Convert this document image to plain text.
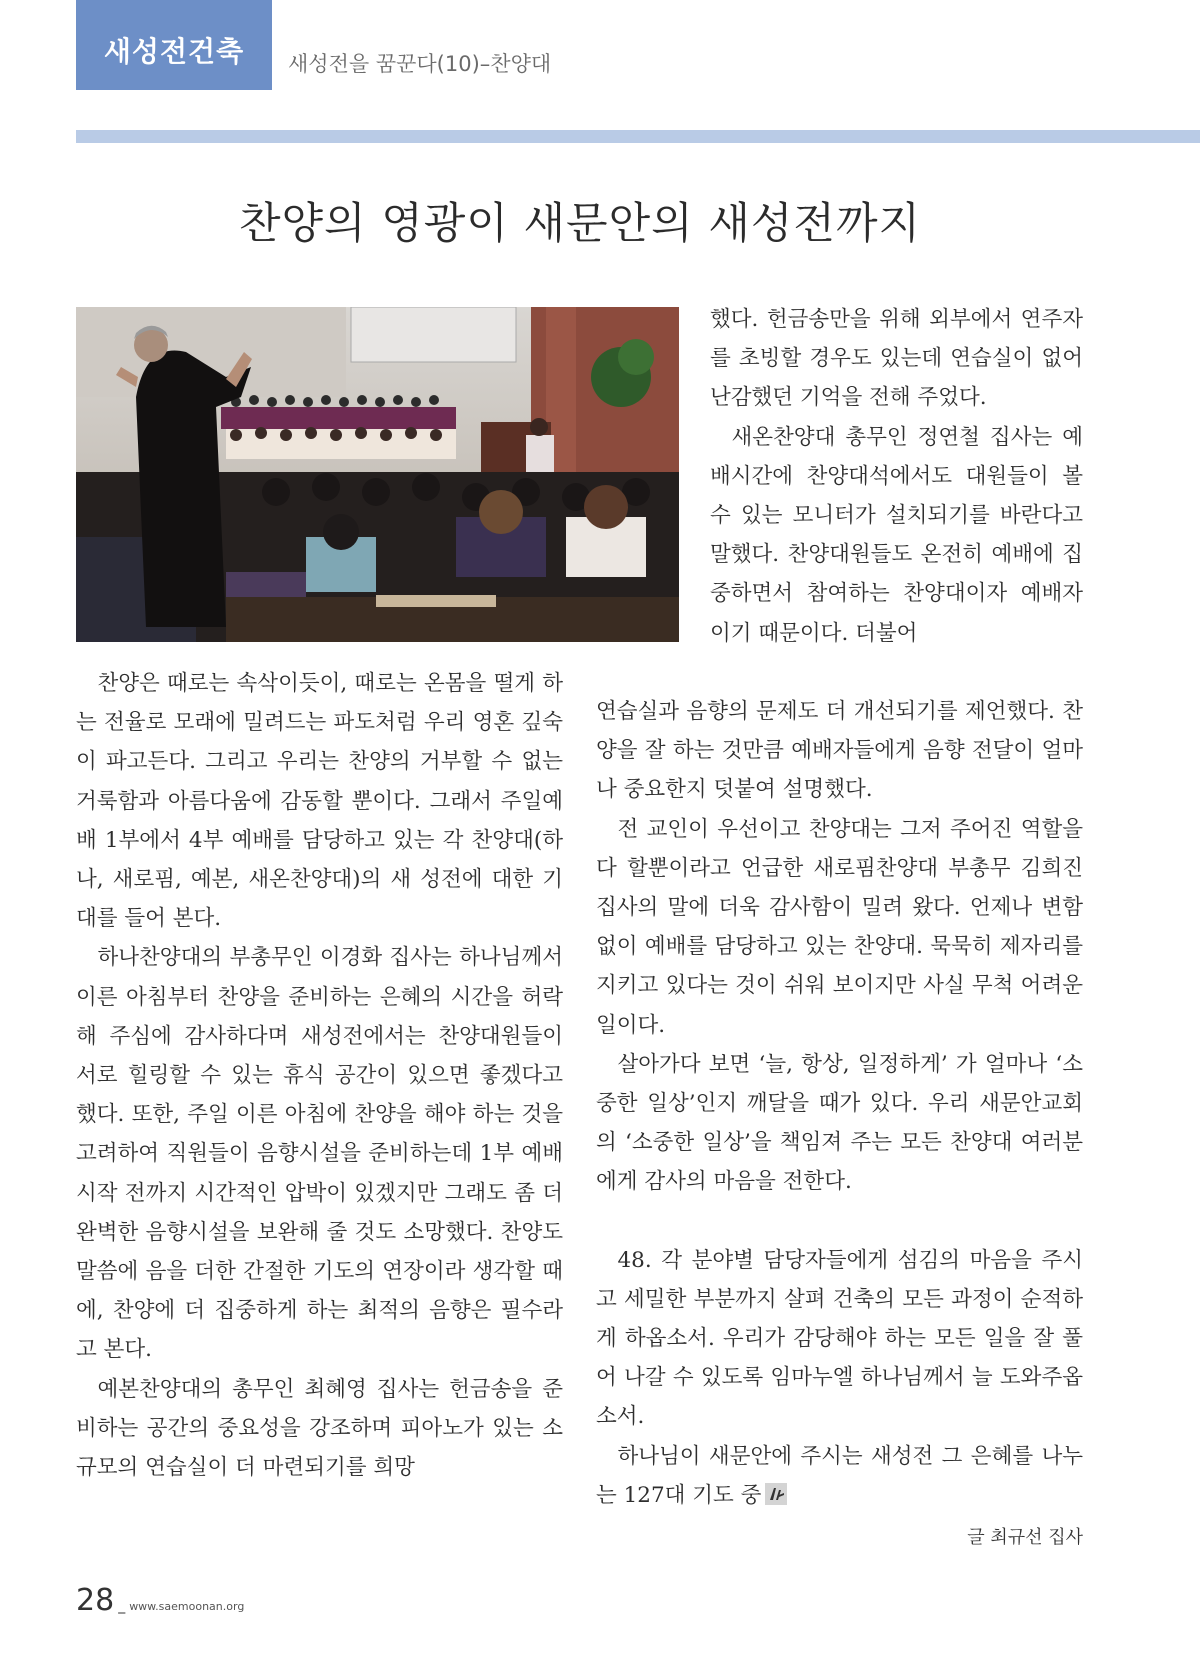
새성전건축	새성전을 꿈꾼다(10)–찬양대
찬양의 영광이 새문안의 새성전까지

했다. 헌금송만을 위해 외부에서 연주자를 초빙할 경우도 있는데 연습실이 없어 난감했던 기억을 전해 주었다.

새온찬양대 총무인 정연철 집사는 예배시간에 찬양대석에서도 대원들이 볼 수 있는 모니터가 설치되기를 바란다고 말했다. 찬양대원들도 온전히 예배에 집중하면서 참여하는 찬양대이자 예배자이기 때문이다. 더불어

찬양은 때로는 속삭이듯이, 때로는 온몸을 떨게 하는 전율로 모래에 밀려드는 파도처럼 우리 영혼 깊숙이 파고든다. 그리고 우리는 찬양의 거부할 수 없는 거룩함과 아름다움에 감동할 뿐이다. 그래서 주일예배 1부에서 4부 예배를 담당하고 있는 각 찬양대(하나, 새로핌, 예본, 새온찬양대)의 새 성전에 대한 기대를 들어 본다.

하나찬양대의 부총무인 이경화 집사는 하나님께서 이른 아침부터 찬양을 준비하는 은혜의 시간을 허락해 주심에 감사하다며 새성전에서는 찬양대원들이 서로 힐링할 수 있는 휴식 공간이 있으면 좋겠다고 했다. 또한, 주일 이른 아침에 찬양을 해야 하는 것을 고려하여 직원들이 음향시설을 준비하는데 1부 예배 시작 전까지 시간적인 압박이 있겠지만 그래도 좀 더 완벽한 음향시설을 보완해 줄 것도 소망했다. 찬양도 말씀에 음을 더한 간절한 기도의 연장이라 생각할 때에, 찬양에 더 집중하게 하는 최적의 음향은 필수라고 본다.

예본찬양대의 총무인 최혜영 집사는 헌금송을 준비하는 공간의 중요성을 강조하며 피아노가 있는 소규모의 연습실이 더 마련되기를 희망

연습실과 음향의 문제도 더 개선되기를 제언했다. 찬양을 잘 하는 것만큼 예배자들에게 음향 전달이 얼마나 중요한지 덧붙여 설명했다.

전 교인이 우선이고 찬양대는 그저 주어진 역할을 다 할뿐이라고 언급한 새로핌찬양대 부총무 김희진 집사의 말에 더욱 감사함이 밀려 왔다. 언제나 변함없이 예배를 담당하고 있는 찬양대. 묵묵히 제자리를 지키고 있다는 것이 쉬워 보이지만 사실 무척 어려운 일이다.

살아가다 보면 ‘늘, 항상, 일정하게’ 가 얼마나 ‘소중한 일상’인지 깨달을 때가 있다. 우리 새문안교회의 ‘소중한 일상’을 책임져 주는 모든 찬양대 여러분에게 감사의 마음을 전한다.

48. 각 분야별 담당자들에게 섬김의 마음을 주시고 세밀한 부분까지 살펴 건축의 모든 과정이 순적하게 하옵소서. 우리가 감당해야 하는 모든 일을 잘 풀어 나갈 수 있도록 임마누엘 하나님께서 늘 도와주옵소서.

하나님이 새문안에 주시는 새성전 그 은혜를 나누는 127대 기도 중

글 최규선 집사
28 _ www.saemoonan.org
